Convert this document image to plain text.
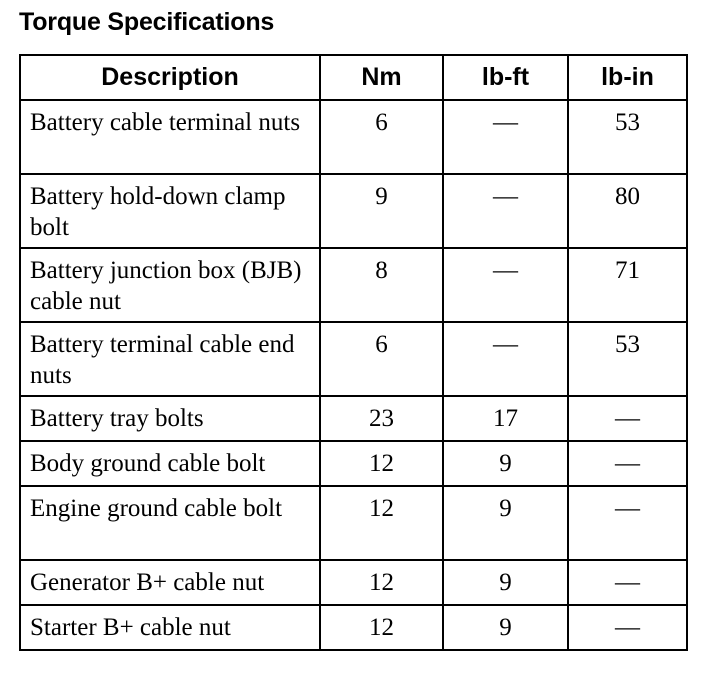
Torque Specifications
Description	Nm	lb-ft	lb-in
Battery cable terminal nuts	6	—	53
Battery hold-down clamp bolt	9	—	80
Battery junction box (BJB) cable nut	8	—	71
Battery terminal cable end nuts	6	—	53
Battery tray bolts	23	17	—
Body ground cable bolt	12	9	—
Engine ground cable bolt	12	9	—
Generator B+ cable nut	12	9	—
Starter B+ cable nut	12	9	—
